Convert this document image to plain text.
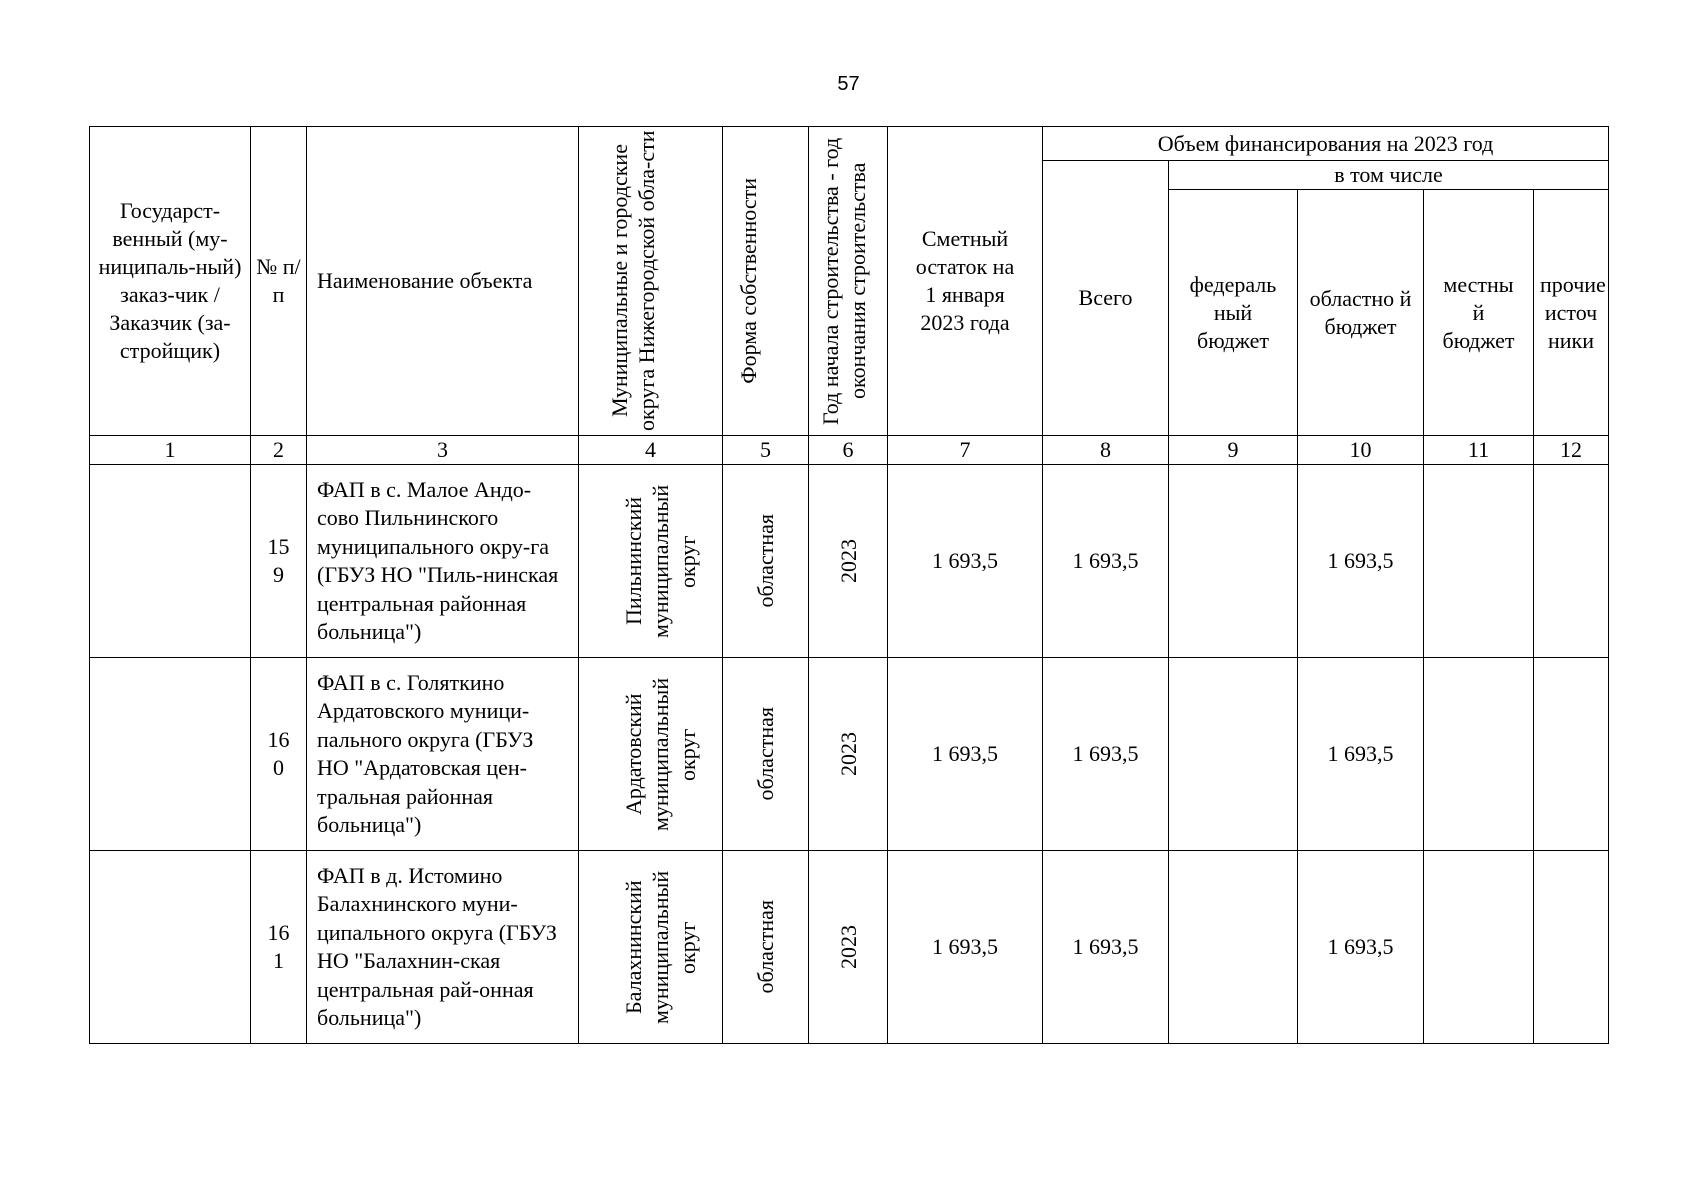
57
Государст-венный (му-ниципаль-ный) заказ-чик / Заказчик (за-стройщик)	№ п/п	Наименование объекта	Муниципальные и городские округа Нижегородской обла-сти	Форма собственности	Год начала строительства - год окончания строительства	Сметный остаток на 1 января 2023 года	Объем финансирования на 2023 год				
							Всего	в том числе			
								федераль ный бюджет	областно й бюджет	местны й бюджет	прочие источ ники
1	2	3	4	5	6	7	8	9	10	11	12
	15 9	ФАП в с. Малое Андо-сово Пильнинского муниципального окру-га (ГБУЗ НО "Пиль-нинская центральная районная больница")	Пильнинский муниципальный округ	областная	2023	1 693,5	1 693,5		1 693,5		
	16 0	ФАП в с. Голяткино Ардатовского муници-пального округа (ГБУЗ НО "Ардатовская цен-тральная районная больница")	Ардатовский муниципальный округ	областная	2023	1 693,5	1 693,5		1 693,5		
	16 1	ФАП в д. Истомино Балахнинского муни-ципального округа (ГБУЗ НО "Балахнин-ская центральная рай-онная больница")	Балахнинский муниципальный округ	областная	2023	1 693,5	1 693,5		1 693,5		
